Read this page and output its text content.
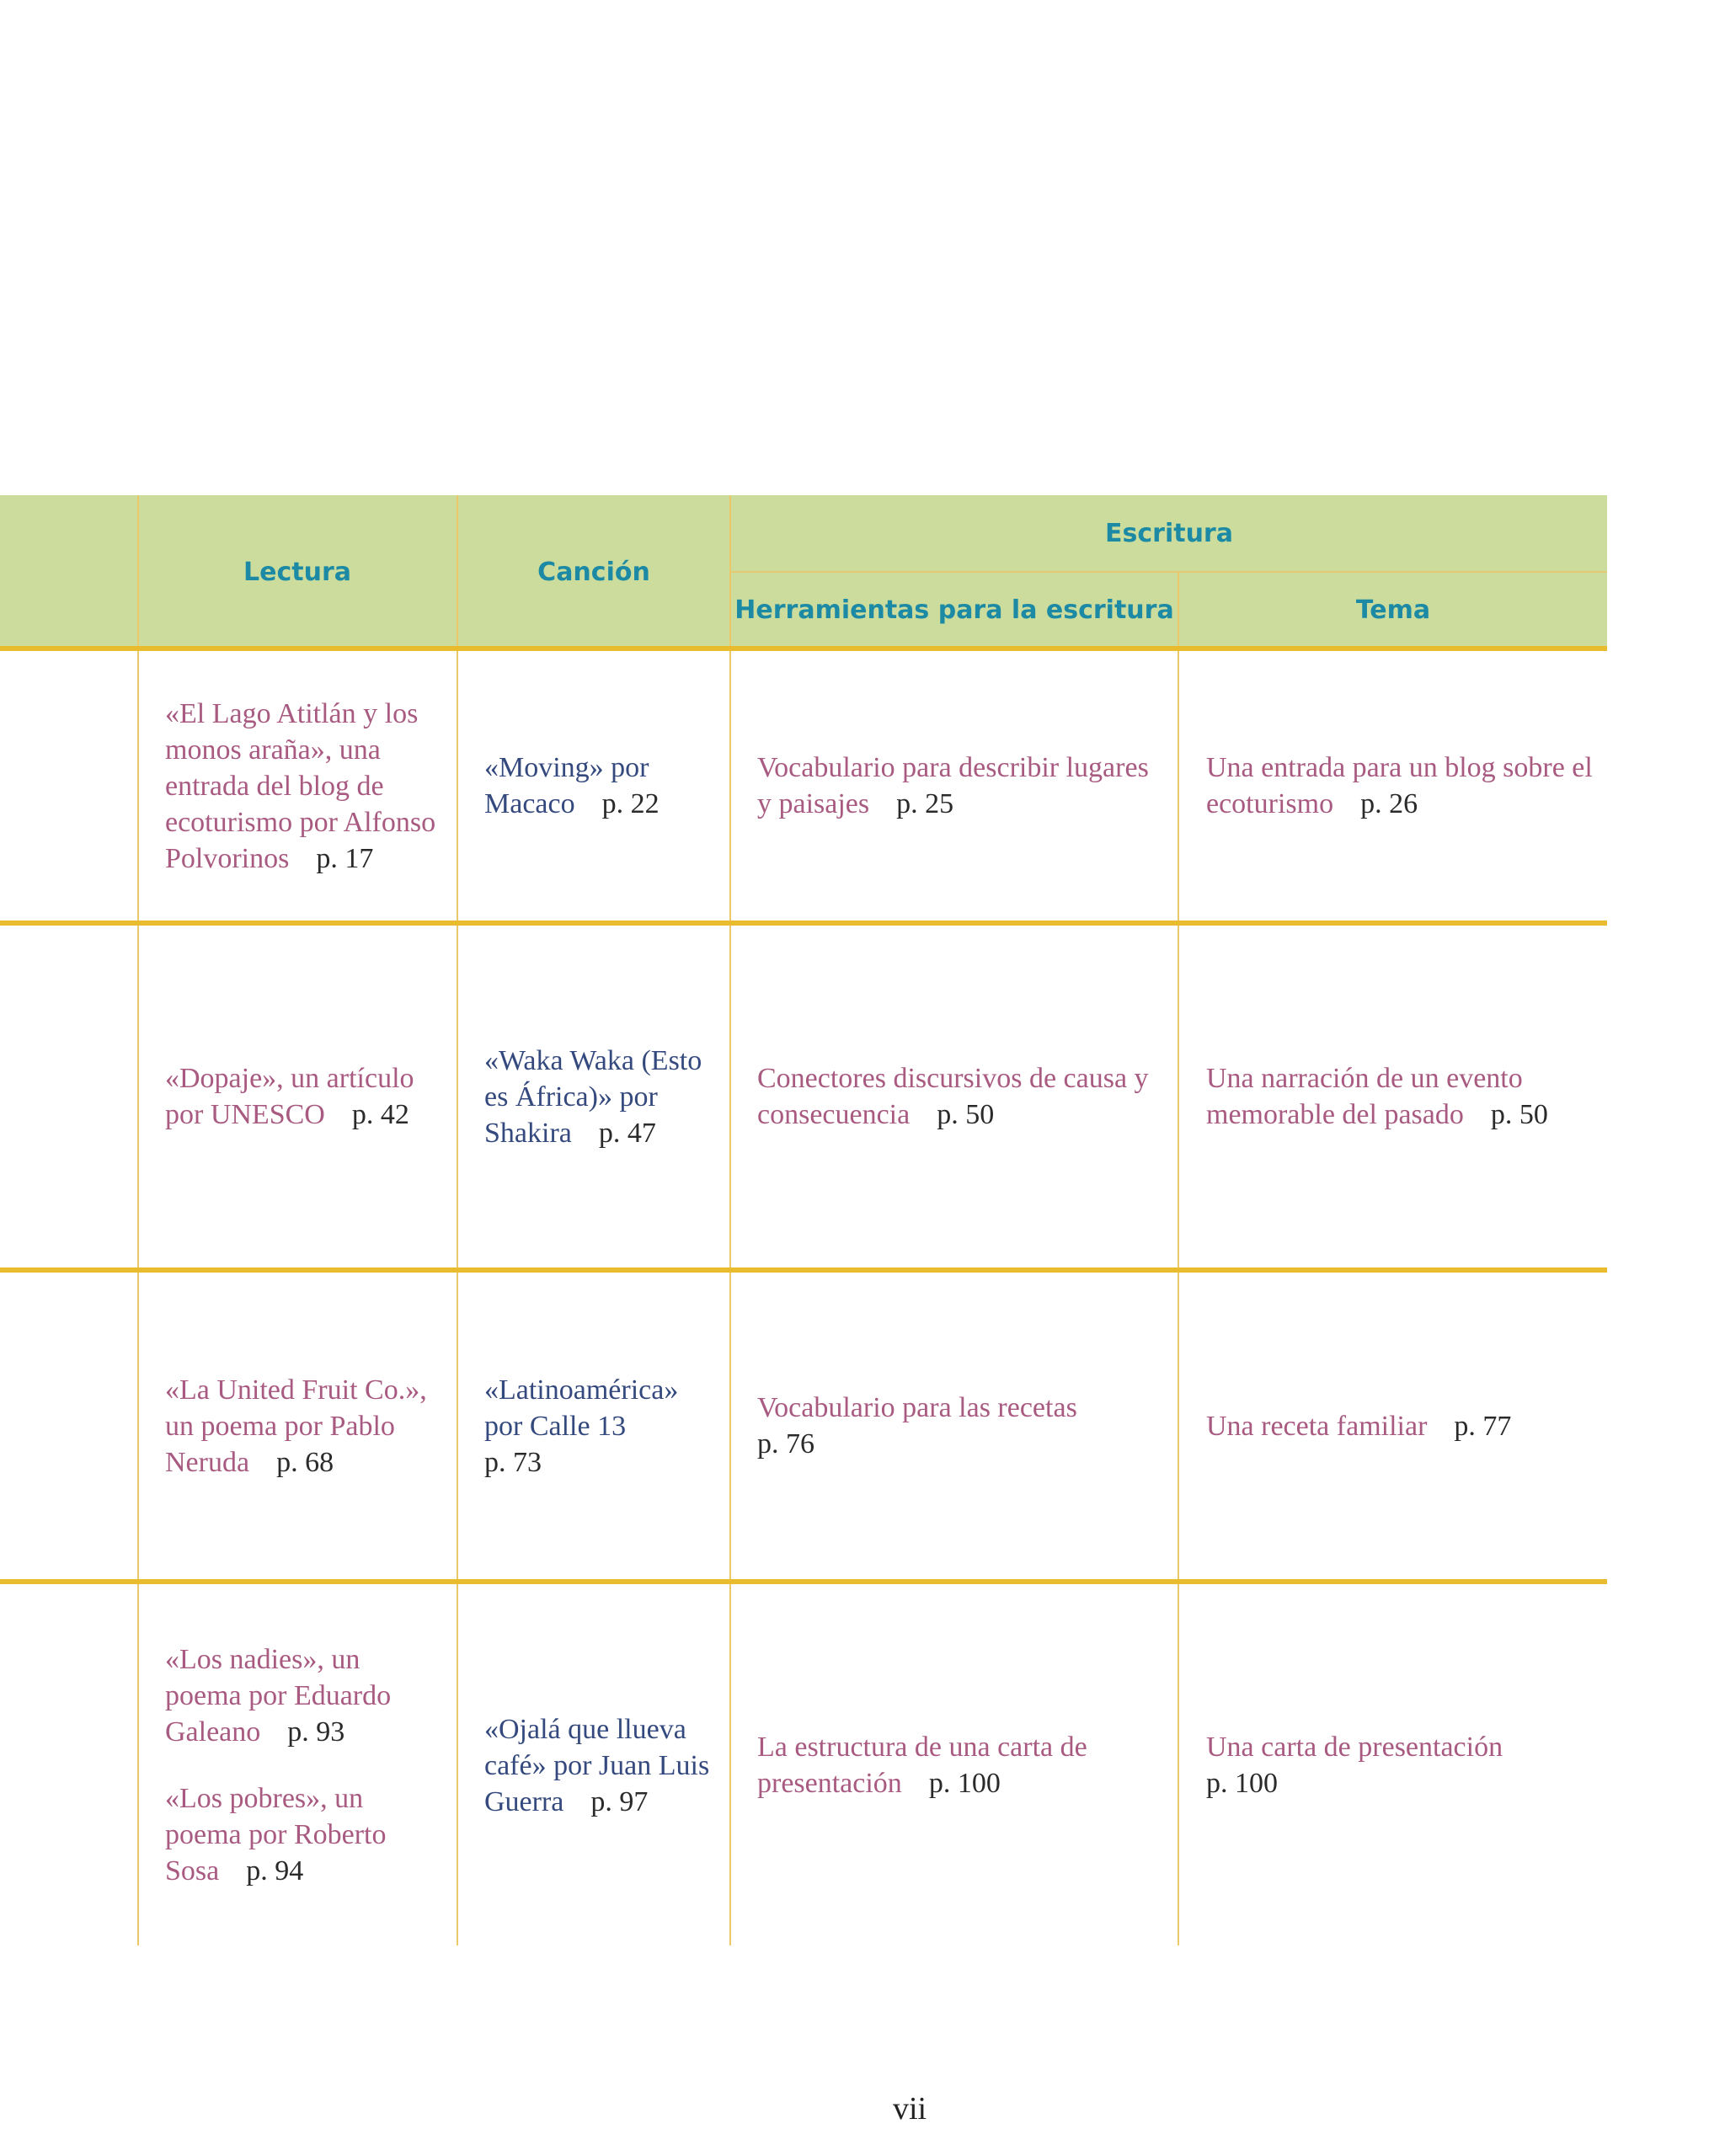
Lectura	Canción
Escritura
Herramientas para la escritura	Tema
«El Lago Atitlán y los monos araña», una entrada del blog de ecoturismo por Alfonso Polvorinos p. 17
«Moving» por Macaco p. 22
Vocabulario para describir lugares y paisajes p. 25
Una entrada para un blog sobre el ecoturismo p. 26
«Dopaje», un artículo por UNESCO p. 42
«Waka Waka (Esto es África)» por Shakira p. 47
Conectores discursivos de causa y consecuencia p. 50
Una narración de un evento memorable del pasado p. 50
«La United Fruit Co.», un poema por Pablo Neruda p. 68
«Latinoamérica» por Calle 13
p. 73
Vocabulario para las recetas
p. 76
Una receta familiar p. 77
«Los nadies», un poema por Eduardo Galeano p. 93
«Los pobres», un poema por Roberto Sosa p. 94
«Ojalá que llueva café» por Juan Luis Guerra p. 97
La estructura de una carta de presentación p. 100
Una carta de presentación
p. 100
vii
